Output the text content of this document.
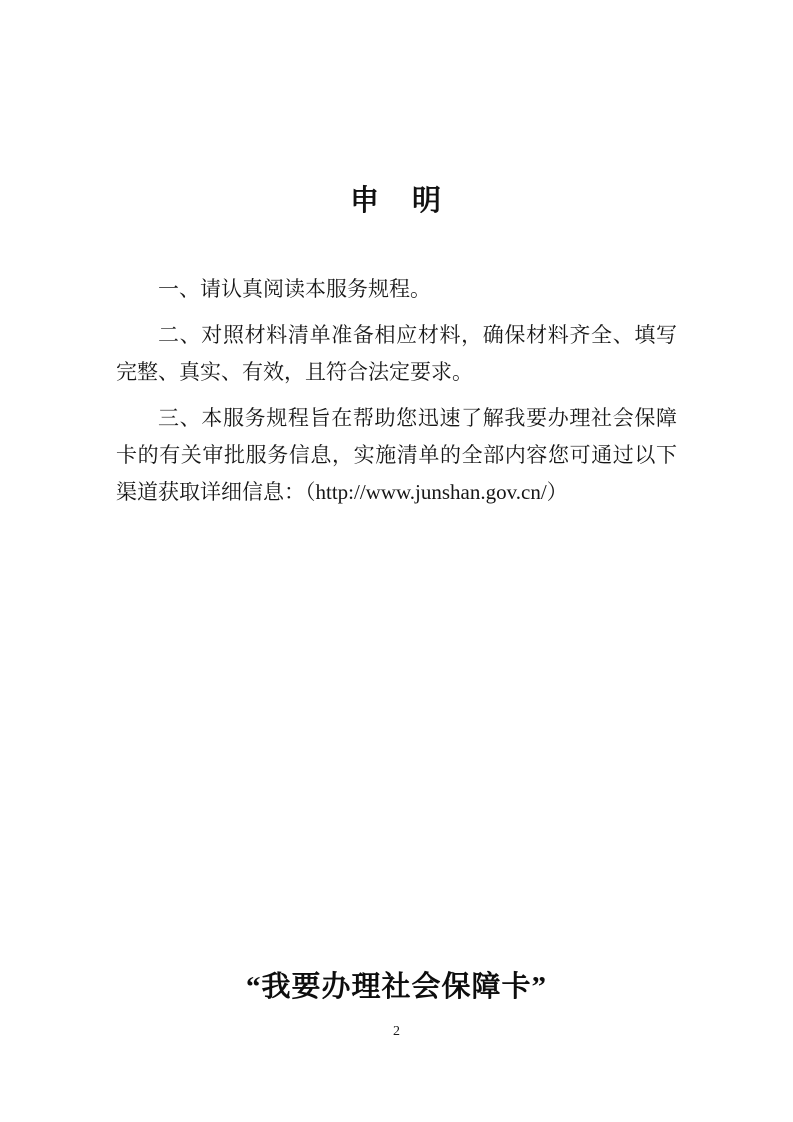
申　明

一、请认真阅读本服务规程。

二、对照材料清单准备相应材料，确保材料齐全、填写完整、真实、有效，且符合法定要求。

三、本服务规程旨在帮助您迅速了解我要办理社会保障卡的有关审批服务信息，实施清单的全部内容您可通过以下渠道获取详细信息：（http://www.junshan.gov.cn/）

“我要办理社会保障卡”
2
